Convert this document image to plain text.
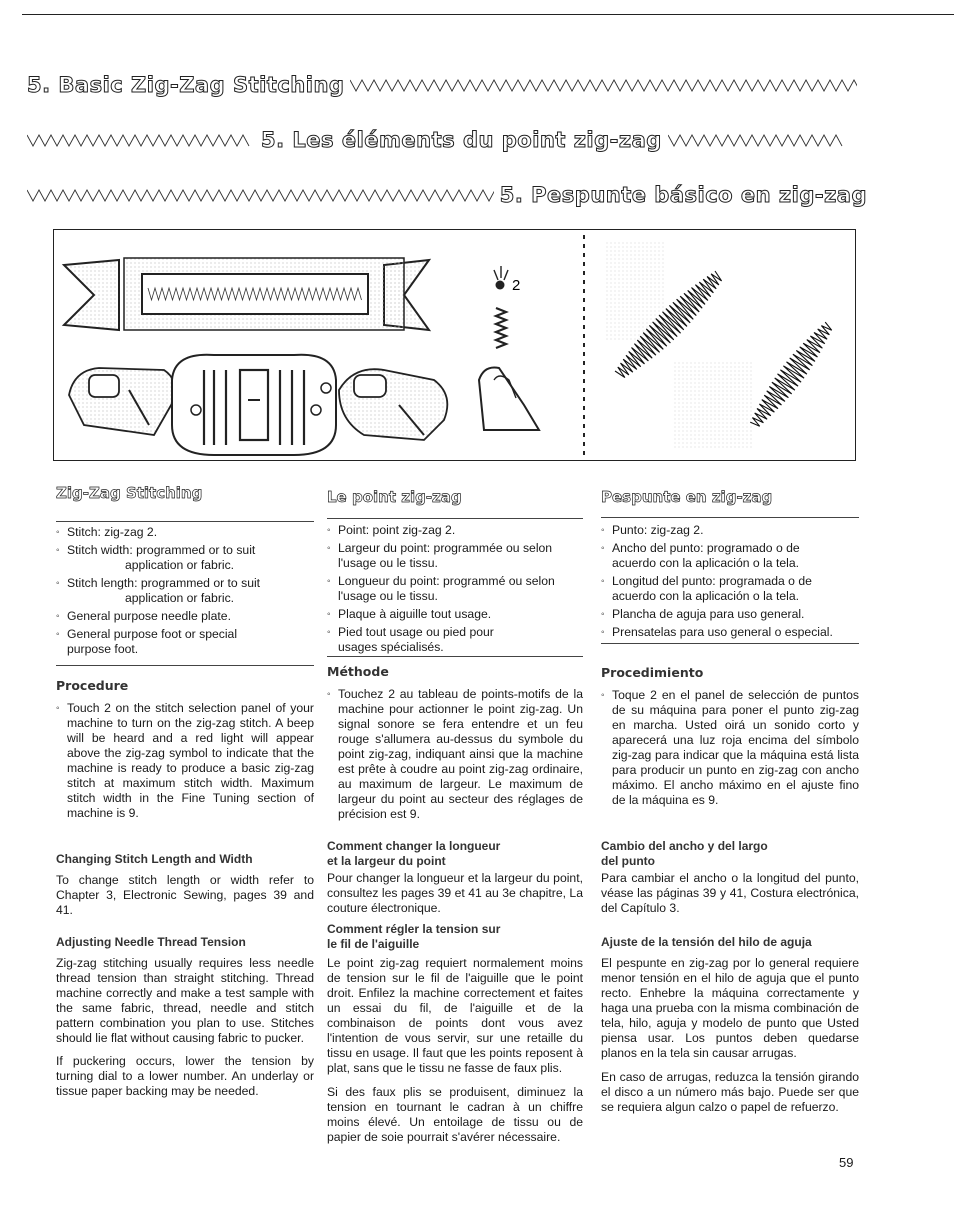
5. Basic Zig-Zag Stitching
5. Les éléments du point zig-zag
5. Pespunte básico en zig-zag
2
Zig-Zag Stitching
◦ Stitch: zig-zag 2.
◦ Stitch width: programmed or to suit
application or fabric.
◦ Stitch length: programmed or to suit
application or fabric.
◦ General purpose needle plate.
◦ General purpose foot or special
purpose foot.
Procedure

◦ Touch 2 on the stitch selection panel of your machine to turn on the zig-zag stitch. A beep will be heard and a red light will appear above the zig-zag symbol to indicate that the machine is ready to produce a basic zig-zag stitch at maximum stitch width. Maximum stitch width in the Fine Tuning section of machine is 9.

Changing Stitch Length and Width

To change stitch length or width refer to Chapter 3, Electronic Sewing, pages 39 and 41.

Adjusting Needle Thread Tension

Zig-zag stitching usually requires less needle thread tension than straight stitching. Thread machine correctly and make a test sample with the same fabric, thread, needle and stitch pattern combination you plan to use. Stitches should lie flat without causing fabric to pucker.

If puckering occurs, lower the tension by turning dial to a lower number. An underlay or tissue paper backing may be needed.

Le point zig-zag
◦ Point: point zig-zag 2.
◦ Largeur du point: programmée ou selon
l'usage ou le tissu.
◦ Longueur du point: programmé ou selon
l'usage ou le tissu.
◦ Plaque à aiguille tout usage.
◦ Pied tout usage ou pied pour
usages spécialisés.
Méthode

◦ Touchez 2 au tableau de points-motifs de la machine pour actionner le point zig-zag. Un signal sonore se fera entendre et un feu rouge s'allumera au-dessus du symbole du point zig-zag, indiquant ainsi que la machine est prête à coudre au point zig-zag ordinaire, au maximum de largeur. Le maximum de largeur du point au secteur des réglages de précision est 9.

Comment changer la longueur
et la largeur du point

Pour changer la longueur et la largeur du point, consultez les pages 39 et 41 au 3e chapitre, La couture électronique.

Comment régler la tension sur
le fil de l'aiguille

Le point zig-zag requiert normalement moins de tension sur le fil de l'aiguille que le point droit. Enfilez la machine correctement et faites un essai du fil, de l'aiguille et de la combinaison de points dont vous avez l'intention de vous servir, sur une retaille du tissu en usage. Il faut que les points reposent à plat, sans que le tissu ne fasse de faux plis.

Si des faux plis se produisent, diminuez la tension en tournant le cadran à un chiffre moins élevé. Un entoilage de tissu ou de papier de soie pourrait s'avérer nécessaire.

Pespunte en zig-zag
◦ Punto: zig-zag 2.
◦ Ancho del punto: programado o de
acuerdo con la aplicación o la tela.
◦ Longitud del punto: programada o de
acuerdo con la aplicación o la tela.
◦ Plancha de aguja para uso general.
◦ Prensatelas para uso general o especial.
Procedimiento

◦ Toque 2 en el panel de selección de puntos de su máquina para poner el punto zig-zag en marcha. Usted oirá un sonido corto y aparecerá una luz roja encima del símbolo zig-zag para indicar que la máquina está lista para producir un punto en zig-zag con ancho máximo. El ancho máximo en el ajuste fino de la máquina es 9.

Cambio del ancho y del largo
del punto

Para cambiar el ancho o la longitud del punto, véase las páginas 39 y 41, Costura electrónica, del Capítulo 3.

Ajuste de la tensión del hilo de aguja

El pespunte en zig-zag por lo general requiere menor tensión en el hilo de aguja que el punto recto. Enhebre la máquina correctamente y haga una prueba con la misma combinación de tela, hilo, aguja y modelo de punto que Usted piensa usar. Los puntos deben quedarse planos en la tela sin causar arrugas.

En caso de arrugas, reduzca la tensión girando el disco a un número más bajo. Puede ser que se requiera algun calzo o papel de refuerzo.

59
